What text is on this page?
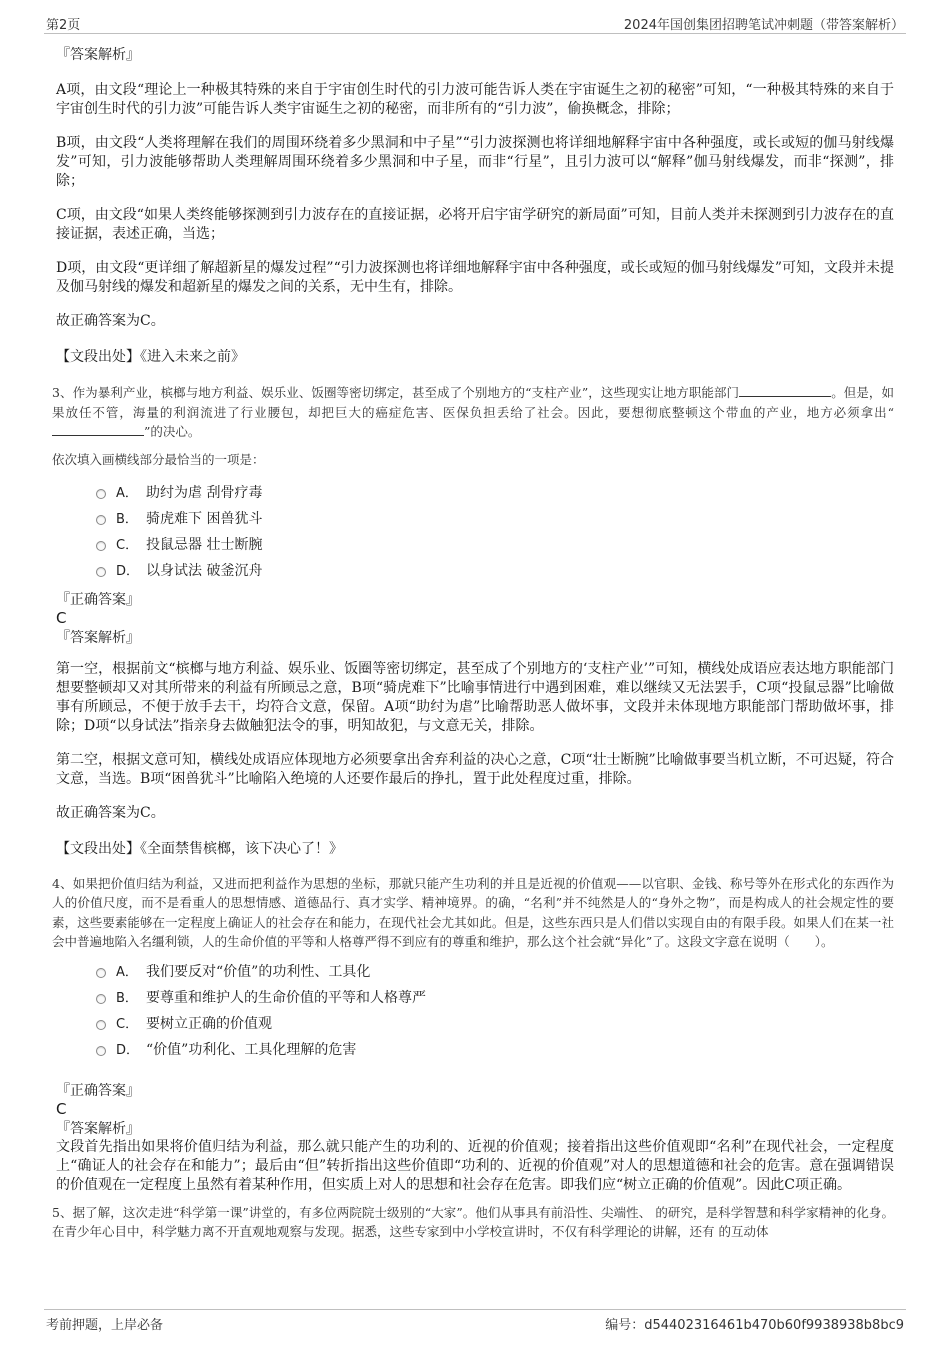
第2页	2024年国创集团招聘笔试冲刺题（带答案解析）
『答案解析』
A项，由文段“理论上一种极其特殊的来自于宇宙创生时代的引力波可能告诉人类在宇宙诞生之初的秘密”可知，“一种极其特殊的来自于宇宙创生时代的引力波”可能告诉人类宇宙诞生之初的秘密，而非所有的“引力波”，偷换概念，排除；
B项，由文段“人类将理解在我们的周围环绕着多少黑洞和中子星”“引力波探测也将详细地解释宇宙中各种强度，或长或短的伽马射线爆发”可知，引力波能够帮助人类理解周围环绕着多少黑洞和中子星，而非“行星”，且引力波可以“解释”伽马射线爆发，而非“探测”，排除；
C项，由文段“如果人类终能够探测到引力波存在的直接证据，必将开启宇宙学研究的新局面”可知，目前人类并未探测到引力波存在的直接证据，表述正确，当选；
D项，由文段“更详细了解超新星的爆发过程”“引力波探测也将详细地解释宇宙中各种强度，或长或短的伽马射线爆发”可知，文段并未提及伽马射线的爆发和超新星的爆发之间的关系，无中生有，排除。
故正确答案为C。
【文段出处】《进入未来之前》
3、作为暴利产业，槟榔与地方利益、娱乐业、饭圈等密切绑定，甚至成了个别地方的“支柱产业”，这些现实让地方职能部门	。但是，如果放任不管，海量的利润流进了行业腰包，却把巨大的癌症危害、医保负担丢给了社会。因此，要想彻底整顿这个带血的产业，地方必须拿出“”的决心。
依次填入画横线部分最恰当的一项是：
A． 助纣为虐 刮骨疗毒
B． 骑虎难下 困兽犹斗
C． 投鼠忌器 壮士断腕
D． 以身试法 破釜沉舟
『正确答案』
C
『答案解析』
第一空，根据前文“槟榔与地方利益、娱乐业、饭圈等密切绑定，甚至成了个别地方的‘支柱产业’”可知，横线处成语应表达地方职能部门想要整顿却又对其所带来的利益有所顾忌之意，B项“骑虎难下”比喻事情进行中遇到困难，难以继续又无法罢手，C项“投鼠忌器”比喻做事有所顾忌，不便于放手去干，均符合文意，保留。A项“助纣为虐”比喻帮助恶人做坏事，文段并未体现地方职能部门帮助做坏事，排除；D项“以身试法”指亲身去做触犯法令的事，明知故犯，与文意无关，排除。
第二空，根据文意可知，横线处成语应体现地方必须要拿出舍弃利益的决心之意，C项“壮士断腕”比喻做事要当机立断，不可迟疑，符合文意，当选。B项“困兽犹斗”比喻陷入绝境的人还要作最后的挣扎，置于此处程度过重，排除。
故正确答案为C。
【文段出处】《全面禁售槟榔，该下决心了！》
4、如果把价值归结为利益，又进而把利益作为思想的坐标，那就只能产生功利的并且是近视的价值观——以官职、金钱、称号等外在形式化的东西作为人的价值尺度，而不是看重人的思想情感、道德品行、真才实学、精神境界。的确，“名利”并不纯然是人的“身外之物”，而是构成人的社会规定性的要素，这些要素能够在一定程度上确证人的社会存在和能力，在现代社会尤其如此。但是，这些东西只是人们借以实现自由的有限手段。如果人们在某一社会中普遍地陷入名缰利锁，人的生命价值的平等和人格尊严得不到应有的尊重和维护，那么这个社会就“异化”了。这段文字意在说明（　　）。
A． 我们要反对“价值”的功利性、工具化
B． 要尊重和维护人的生命价值的平等和人格尊严
C． 要树立正确的价值观
D． “价值”功利化、工具化理解的危害
『正确答案』
C
『答案解析』
文段首先指出如果将价值归结为利益，那么就只能产生的功利的、近视的价值观；接着指出这些价值观即“名利”在现代社会，一定程度上“确证人的社会存在和能力”；最后由“但”转折指出这些价值即“功利的、近视的价值观”对人的思想道德和社会的危害。意在强调错误的价值观在一定程度上虽然有着某种作用，但实质上对人的思想和社会存在危害。即我们应“树立正确的价值观”。因此C项正确。
5、据了解，这次走进“科学第一课”讲堂的，有多位两院院士级别的“大家”。他们从事具有前沿性、尖端性、 的研究，是科学智慧和科学家精神的化身。在青少年心目中，科学魅力离不开直观地观察与发现。据悉，这些专家到中小学校宣讲时，不仅有科学理论的讲解，还有 的互动体
考前押题，上岸必备	编号：d54402316461b470b60f9938938b8bc9
